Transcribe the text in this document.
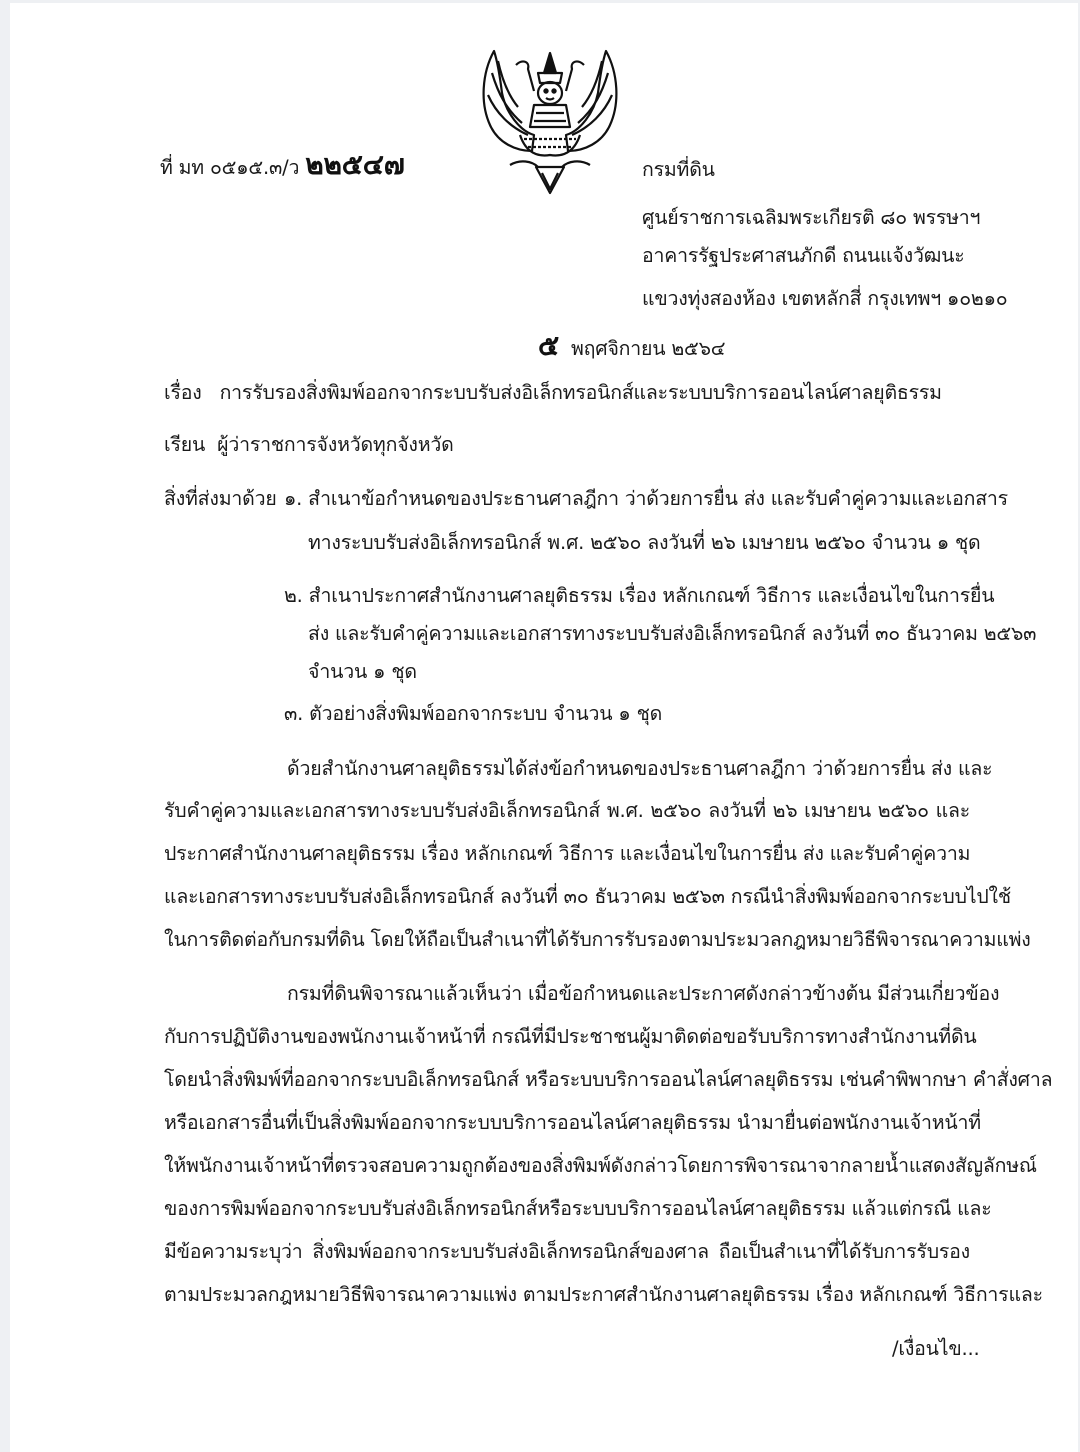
ที่ มท ๐๕๑๕.๓/ว ๒๒๕๔๗	กรมที่ดิน
ศูนย์ราชการเฉลิมพระเกียรติ ๘๐ พรรษาฯ
อาคารรัฐประศาสนภักดี ถนนแจ้งวัฒนะ
แขวงทุ่งสองห้อง เขตหลักสี่ กรุงเทพฯ ๑๐๒๑๐
๕ พฤศจิกายน ๒๕๖๔
เรื่อง การรับรองสิ่งพิมพ์ออกจากระบบรับส่งอิเล็กทรอนิกส์และระบบบริการออนไลน์ศาลยุติธรรม
เรียน ผู้ว่าราชการจังหวัดทุกจังหวัด
สิ่งที่ส่งมาด้วย ๑. สำเนาข้อกำหนดของประธานศาลฎีกา ว่าด้วยการยื่น ส่ง และรับคำคู่ความและเอกสาร
ทางระบบรับส่งอิเล็กทรอนิกส์ พ.ศ. ๒๕๖๐ ลงวันที่ ๒๖ เมษายน ๒๕๖๐ จำนวน ๑ ชุด
๒. สำเนาประกาศสำนักงานศาลยุติธรรม เรื่อง หลักเกณฑ์ วิธีการ และเงื่อนไขในการยื่น
ส่ง และรับคำคู่ความและเอกสารทางระบบรับส่งอิเล็กทรอนิกส์ ลงวันที่ ๓๐ ธันวาคม ๒๕๖๓
จำนวน ๑ ชุด
๓. ตัวอย่างสิ่งพิมพ์ออกจากระบบ จำนวน ๑ ชุด
ด้วยสำนักงานศาลยุติธรรมได้ส่งข้อกำหนดของประธานศาลฎีกา ว่าด้วยการยื่น ส่ง และ
รับคำคู่ความและเอกสารทางระบบรับส่งอิเล็กทรอนิกส์ พ.ศ. ๒๕๖๐ ลงวันที่ ๒๖ เมษายน ๒๕๖๐ และ
ประกาศสำนักงานศาลยุติธรรม เรื่อง หลักเกณฑ์ วิธีการ และเงื่อนไขในการยื่น ส่ง และรับคำคู่ความ
และเอกสารทางระบบรับส่งอิเล็กทรอนิกส์ ลงวันที่ ๓๐ ธันวาคม ๒๕๖๓ กรณีนำสิ่งพิมพ์ออกจากระบบไปใช้
ในการติดต่อกับกรมที่ดิน โดยให้ถือเป็นสำเนาที่ได้รับการรับรองตามประมวลกฎหมายวิธีพิจารณาความแพ่ง
กรมที่ดินพิจารณาแล้วเห็นว่า เมื่อข้อกำหนดและประกาศดังกล่าวข้างต้น มีส่วนเกี่ยวข้อง
กับการปฏิบัติงานของพนักงานเจ้าหน้าที่ กรณีที่มีประชาชนผู้มาติดต่อขอรับบริการทางสำนักงานที่ดิน
โดยนำสิ่งพิมพ์ที่ออกจากระบบอิเล็กทรอนิกส์ หรือระบบบริการออนไลน์ศาลยุติธรรม เช่นคำพิพากษา คำสั่งศาล
หรือเอกสารอื่นที่เป็นสิ่งพิมพ์ออกจากระบบบริการออนไลน์ศาลยุติธรรม นำมายื่นต่อพนักงานเจ้าหน้าที่
ให้พนักงานเจ้าหน้าที่ตรวจสอบความถูกต้องของสิ่งพิมพ์ดังกล่าวโดยการพิจารณาจากลายน้ำแสดงสัญลักษณ์
ของการพิมพ์ออกจากระบบรับส่งอิเล็กทรอนิกส์หรือระบบบริการออนไลน์ศาลยุติธรรม แล้วแต่กรณี และ
มีข้อความระบุว่า สิ่งพิมพ์ออกจากระบบรับส่งอิเล็กทรอนิกส์ของศาล ถือเป็นสำเนาที่ได้รับการรับรอง
ตามประมวลกฎหมายวิธีพิจารณาความแพ่ง ตามประกาศสำนักงานศาลยุติธรรม เรื่อง หลักเกณฑ์ วิธีการและ
/เงื่อนไข...
